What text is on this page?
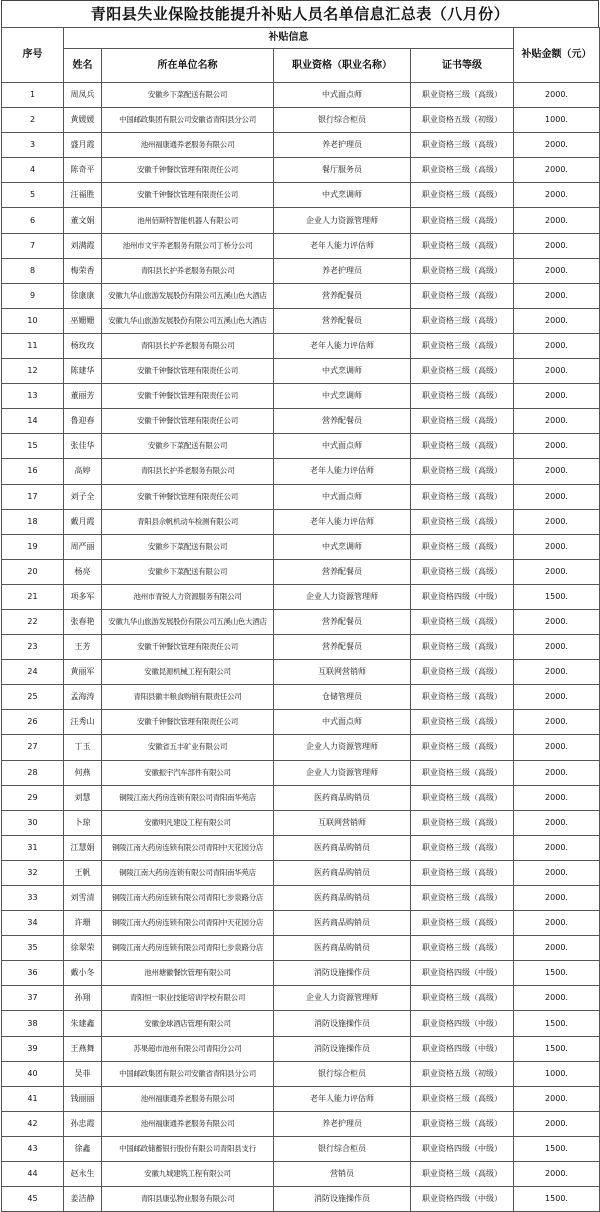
青阳县失业保险技能提升补贴人员名单信息汇总表（八月份）
序号	补贴信息				补贴金额（元）
	姓名	所在单位名称	职业资格（职业名称）	证书等级	
1	周凤兵	安徽乡下菜配送有限公司	中式面点师	职业资格三级（高级）	2000.
2	黄媛媛	中国邮政集团有限公司安徽省青阳县分公司	银行综合柜员	职业资格五级（初级）	1000.
3	盛月霞	池州福康通养老服务有限公司	养老护理员	职业资格三级（高级）	2000.
4	陈奇平	安徽千钟餐饮管理有限责任公司	餐厅服务员	职业资格三级（高级）	2000.
5	汪福胜	安徽千钟餐饮管理有限责任公司	中式烹调师	职业资格三级（高级）	2000.
6	董文娟	池州佰斯特智能机器人有限公司	企业人力资源管理师	职业资格三级（高级）	2000.
7	刘满霞	池州市文宇养老服务有限公司丁桥分公司	老年人能力评估师	职业资格三级（高级）	2000.
8	梅荣香	青阳县长护养老服务有限公司	养老护理员	职业资格三级（高级）	2000.
9	徐康康	安徽九华山旅游发展股份有限公司五溪山色大酒店	营养配餐员	职业资格三级（高级）	2000.
10	巫姗姗	安徽九华山旅游发展股份有限公司五溪山色大酒店	营养配餐员	职业资格三级（高级）	2000.
11	杨玫玫	青阳县长护养老服务有限公司	老年人能力评估师	职业资格三级（高级）	2000.
12	陈建华	安徽千钟餐饮管理有限责任公司	中式烹调师	职业资格三级（高级）	2000.
13	董丽芳	安徽千钟餐饮管理有限责任公司	中式烹调师	职业资格三级（高级）	2000.
14	鲁迎春	安徽千钟餐饮管理有限责任公司	营养配餐员	职业资格三级（高级）	2000.
15	张佳华	安徽乡下菜配送有限公司	中式面点师	职业资格三级（高级）	2000.
16	高婷	青阳县长护养老服务有限公司	老年人能力评估师	职业资格三级（高级）	2000.
17	刘子全	安徽千钟餐饮管理有限责任公司	中式面点师	职业资格三级（高级）	2000.
18	戴月霞	青阳县佘帆机动车检测有限公司	老年人能力评估师	职业资格三级（高级）	2000.
19	周严丽	安徽乡下菜配送有限公司	中式烹调师	职业资格三级（高级）	2000.
20	杨亮	安徽乡下菜配送有限公司	营养配餐员	职业资格三级（高级）	2000.
21	项多军	池州市青锐人力资源服务有限公司	企业人力资源管理师	职业资格四级（中级）	1500.
22	张春艳	安徽九华山旅游发展股份有限公司五溪山色大酒店	营养配餐员	职业资格三级（高级）	2000.
23	王芳	安徽千钟餐饮管理有限责任公司	营养配餐员	职业资格三级（高级）	2000.
24	黄丽军	安徽昆源机械工程有限公司	互联网营销师	职业资格三级（高级）	2000.
25	孟海涛	青阳县徽丰粮食购销有限责任公司	仓储管理员	职业资格三级（高级）	2000.
26	汪秀山	安徽千钟餐饮管理有限责任公司	中式面点师	职业资格三级（高级）	2000.
27	丁玉	安徽省五丰矿业有限公司	企业人力资源管理师	职业资格三级（高级）	2000.
28	何燕	安徽振宇汽车部件有限公司	企业人力资源管理师	职业资格三级（高级）	2000.
29	刘慧	铜陵江南大药房连锁有限公司青阳南华苑店	医药商品购销员	职业资格三级（高级）	2000.
30	卜琼	安徽明凡建设工程有限公司	互联网营销师	职业资格三级（高级）	2000.
31	江慧娟	铜陵江南大药房连锁有限公司青阳中天花园分店	医药商品购销员	职业资格三级（高级）	2000.
32	王帆	铜陵江南大药房连锁有限公司青阳南华苑店	医药商品购销员	职业资格三级（高级）	2000.
33	刘雪清	铜陵江南大药房连锁有限公司青阳七步泉路分店	医药商品购销员	职业资格三级（高级）	2000.
34	许珊	铜陵江南大药房连锁有限公司青阳中天花园分店	医药商品购销员	职业资格三级（高级）	2000.
35	徐翠荣	铜陵江南大药房连锁有限公司青阳七步泉路分店	医药商品购销员	职业资格三级（高级）	2000.
36	戴小冬	池州塘徽餐饮管理有限公司	消防设施操作员	职业资格四级（中级）	1500.
37	孙翔	青阳恒一职业技能培训学校有限公司	企业人力资源管理师	职业资格三级（高级）	2000.
38	朱建鑫	安徽金球酒店管理有限公司	消防设施操作员	职业资格四级（中级）	1500.
39	王燕舞	苏果超市池州有限公司青阳分公司	消防设施操作员	职业资格四级（中级）	1500.
40	吴菲	中国邮政集团有限公司安徽省青阳县分公司	银行综合柜员	职业资格五级（初级）	1000.
41	钱丽丽	池州福康通养老服务有限公司	老年人能力评估师	职业资格三级（高级）	2000.
42	孙忠霞	池州福康通养老服务有限公司	养老护理员	职业资格三级（高级）	2000.
43	徐鑫	中国邮政储蓄银行股份有限公司青阳县支行	银行综合柜员	职业资格四级（中级）	1500.
44	赵永生	安徽九城建筑工程有限公司	营销员	职业资格三级（高级）	2000.
45	姜洁静	青阳县康弘物业服务有限公司	消防设施操作员	职业资格四级（中级）	1500.
